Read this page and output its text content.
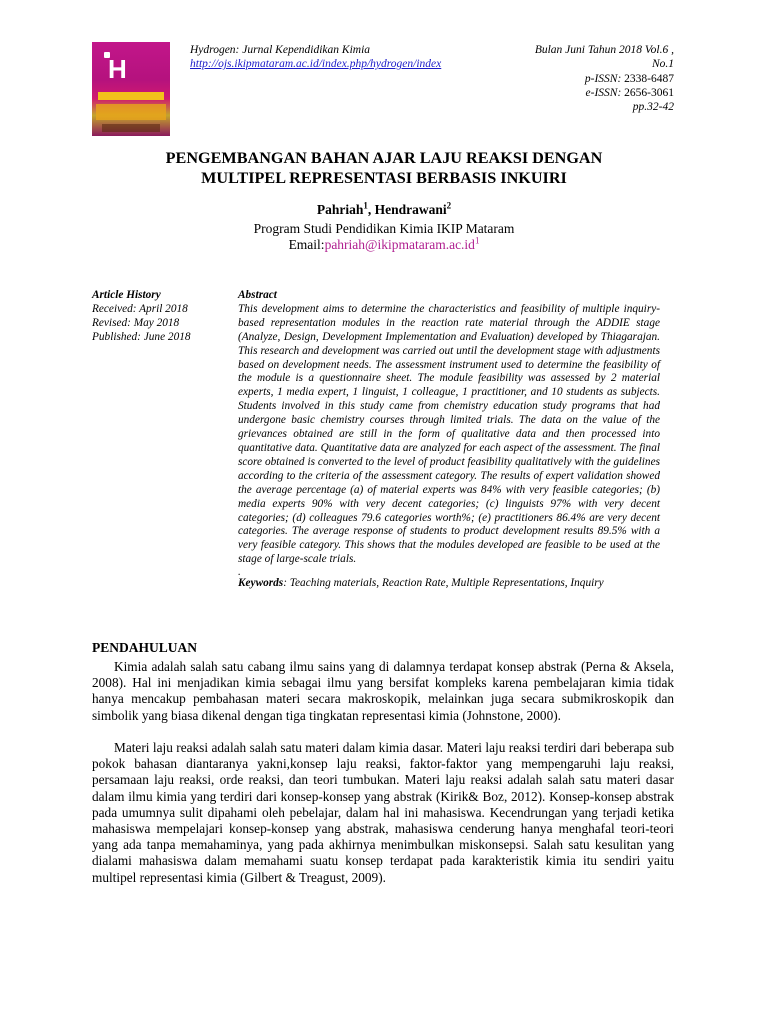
H
Hydrogen: Jurnal Kependidikan Kimia
http://ojs.ikipmataram.ac.id/index.php/hydrogen/index
Bulan Juni Tahun 2018 Vol.6 ,
No.1
p-ISSN: 2338-6487
e-ISSN: 2656-3061
pp.32-42
PENGEMBANGAN BAHAN AJAR LAJU REAKSI DENGAN
MULTIPEL REPRESENTASI BERBASIS INKUIRI
Pahriah$^1$, Hendrawani$^2$
Program Studi Pendidikan Kimia IKIP Mataram
$Email:pahriah@ikipmataram.ac.id^1$
Article History
Received: April 2018
Revised: May 2018
Published: June 2018
Abstract
This development aims to determine the characteristics and feasibility of multiple inquiry-based representation modules in the reaction rate material through the ADDIE stage (Analyze, Design, Development Implementation and Evaluation) developed by Thiagarajan. This research and development was carried out until the development stage with adjustments based on development needs. The assessment instrument used to determine the feasibility of the module is a questionnaire sheet. The module feasibility was assessed by 2 material experts, 1 media expert, 1 linguist, 1 colleague, 1 practitioner, and 10 students as subjects. Students involved in this study came from chemistry education study programs that had undergone basic chemistry courses through limited trials. The data on the value of the grievances obtained are still in the form of qualitative data and then processed into quantitative data. Quantitative data are analyzed for each aspect of the assessment. The final score obtained is converted to the level of product feasibility qualitatively with the guidelines according to the criteria of the assessment category. The results of expert validation showed the average percentage (a) of material experts was 84% with very feasible categories; (b) media experts 90% with very decent categories; (c) linguists 97% with very decent categories; (d) colleagues 79.6 categories worth%; (e) practitioners 86.4% are very decent categories. The average response of students to product development results 89.5% with a very feasible category. This shows that the modules developed are feasible to be used at the stage of large-scale trials.
.
Keywords: Teaching materials, Reaction Rate, Multiple Representations, Inquiry
PENDAHULUAN
Kimia adalah salah satu cabang ilmu sains yang di dalamnya terdapat konsep abstrak (Perna & Aksela, 2008). Hal ini menjadikan kimia sebagai ilmu yang bersifat kompleks karena pembelajaran kimia tidak hanya mencakup pembahasan materi secara makroskopik, melainkan juga secara submikroskopik dan simbolik yang biasa dikenal dengan tiga tingkatan representasi kimia (Johnstone, 2000).
Materi laju reaksi adalah salah satu materi dalam kimia dasar. Materi laju reaksi terdiri dari beberapa sub pokok bahasan diantaranya yakni,konsep laju reaksi, faktor-faktor yang mempengaruhi laju reaksi, persamaan laju reaksi, orde reaksi, dan teori tumbukan. Materi laju reaksi adalah salah satu materi dasar dalam ilmu kimia yang terdiri dari konsep-konsep yang abstrak (Kirik& Boz, 2012). Konsep-konsep abstrak pada umumnya sulit dipahami oleh pebelajar, dalam hal ini mahasiswa. Kecendrungan yang terjadi ketika mahasiswa mempelajari konsep-konsep yang abstrak, mahasiswa cenderung hanya menghafal teori-teori yang ada tanpa memahaminya, yang pada akhirnya menimbulkan miskonsepsi. Salah satu kesulitan yang dialami mahasiswa dalam memahami suatu konsep terdapat pada karakteristik kimia itu sendiri yaitu multipel representasi kimia (Gilbert & Treagust, 2009).
